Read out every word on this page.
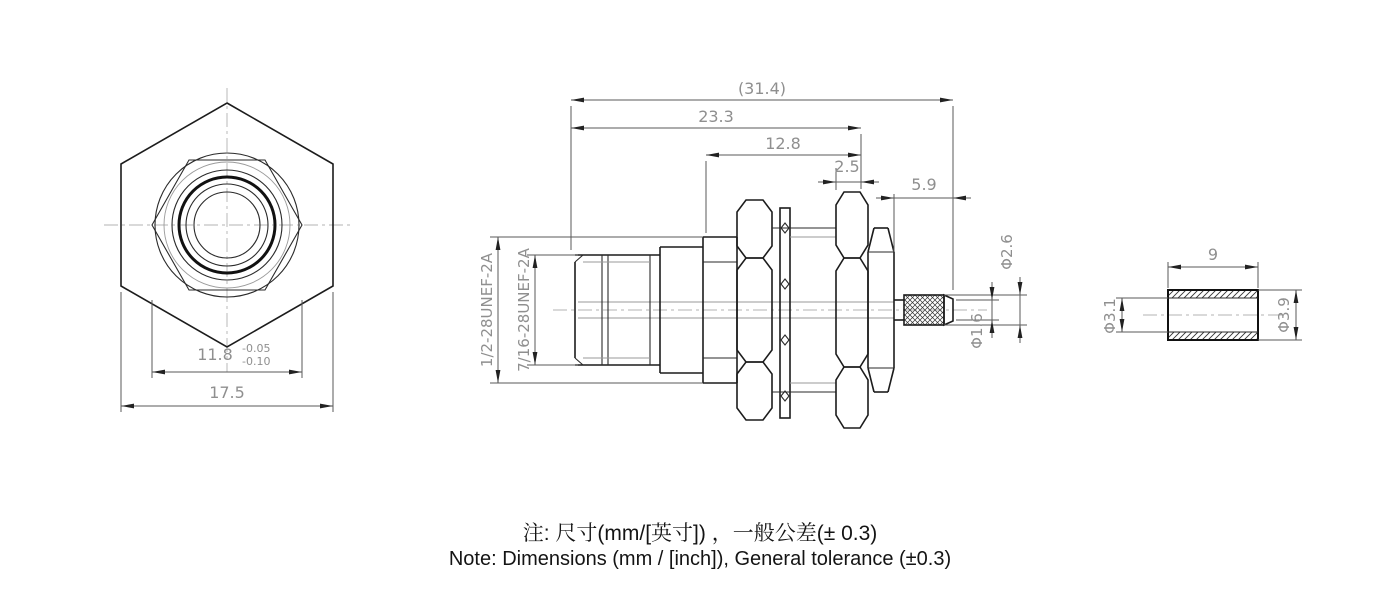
11.8 -0.05
-0.10
17.5
(31.4)
23.3
12.8
2.5
5.9
1/2-28UNEF-2A 7/16-28UNEF-2A	Φ2.6
Φ1.6
9
Φ3.1	Φ3.9
注: 尺寸(mm/[英寸]) ，一般公差(± 0.3)
Note: Dimensions (mm / [inch]), General tolerance (±0.3)
